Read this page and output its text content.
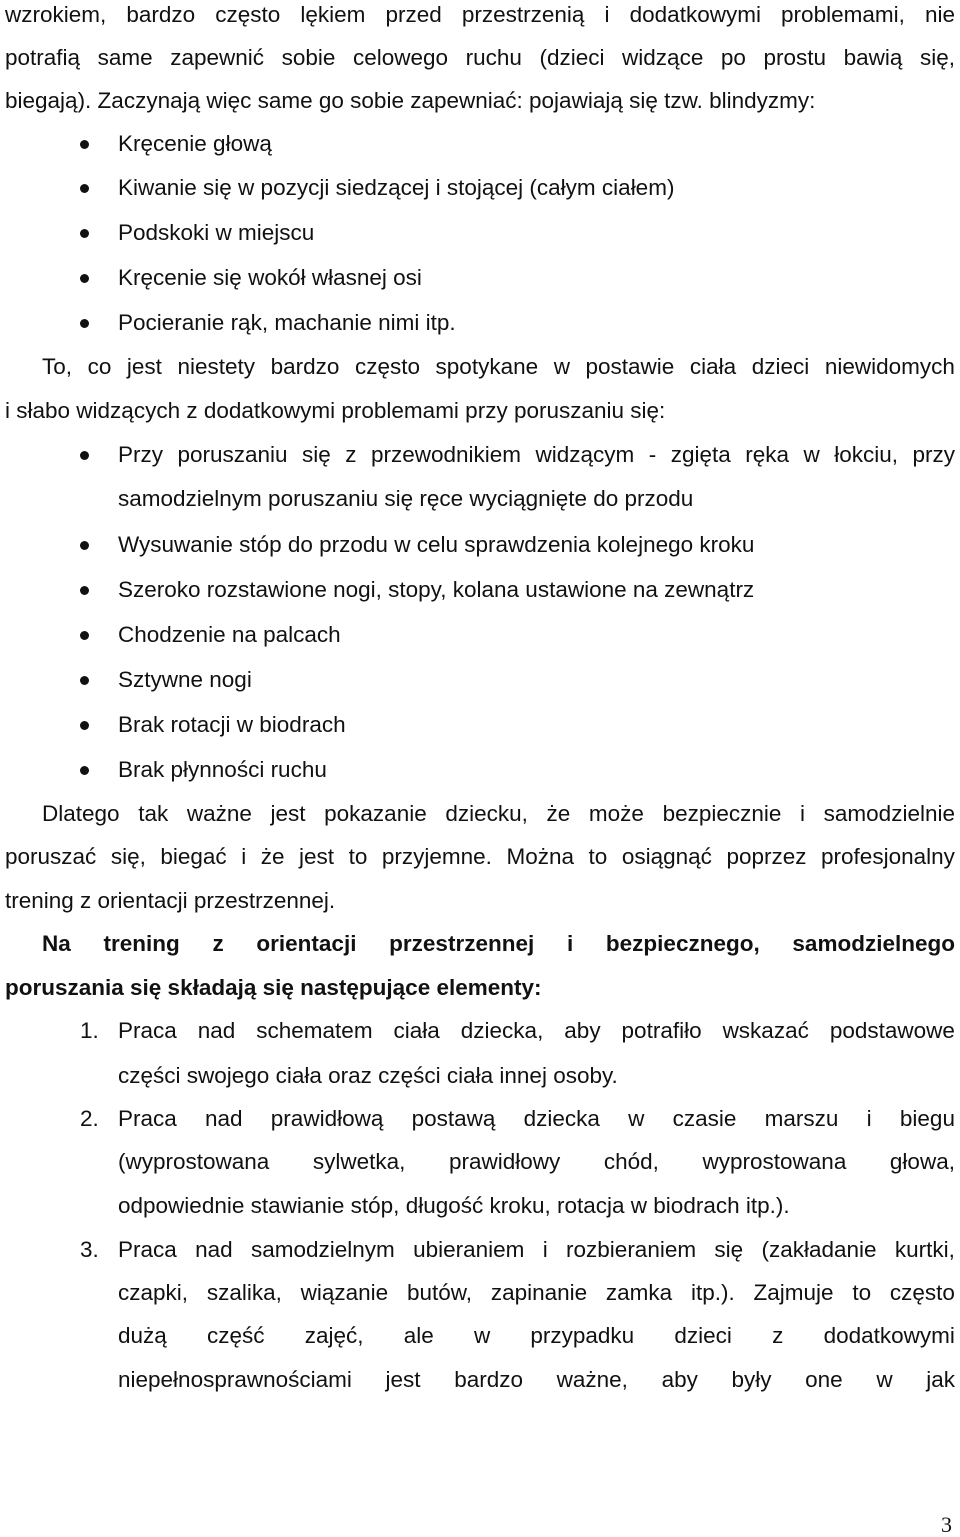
wzrokiem, bardzo często lękiem przed przestrzenią i dodatkowymi problemami, nie
potrafią same zapewnić sobie celowego ruchu (dzieci widzące po prostu bawią się,
biegają). Zaczynają więc same go sobie zapewniać: pojawiają się tzw. blindyzmy:
Kręcenie głową
Kiwanie się w pozycji siedzącej i stojącej (całym ciałem)
Podskoki w miejscu
Kręcenie się wokół własnej osi
Pocieranie rąk, machanie nimi itp.
To, co jest niestety bardzo często spotykane w postawie ciała dzieci niewidomych
i słabo widzących z dodatkowymi problemami przy poruszaniu się:
Przy poruszaniu się z przewodnikiem widzącym - zgięta ręka w łokciu, przy
samodzielnym poruszaniu się ręce wyciągnięte do przodu
Wysuwanie stóp do przodu w celu sprawdzenia kolejnego kroku
Szeroko rozstawione nogi, stopy, kolana ustawione na zewnątrz
Chodzenie na palcach
Sztywne nogi
Brak rotacji w biodrach
Brak płynności ruchu
Dlatego tak ważne jest pokazanie dziecku, że może bezpiecznie i samodzielnie
poruszać się, biegać i że jest to przyjemne. Można to osiągnąć poprzez profesjonalny
trening z orientacji przestrzennej.
Na trening z orientacji przestrzennej i bezpiecznego, samodzielnego
poruszania się składają się następujące elementy:
1. Praca nad schematem ciała dziecka, aby potrafiło wskazać podstawowe
części swojego ciała oraz części ciała innej osoby.
2. Praca nad prawidłową postawą dziecka w czasie marszu i biegu
(wyprostowana sylwetka, prawidłowy chód, wyprostowana głowa,
odpowiednie stawianie stóp, długość kroku, rotacja w biodrach itp.).
3. Praca nad samodzielnym ubieraniem i rozbieraniem się (zakładanie kurtki,
czapki, szalika, wiązanie butów, zapinanie zamka itp.). Zajmuje to często
dużą część zajęć, ale w przypadku dzieci z dodatkowymi
niepełnosprawnościami jest bardzo ważne, aby były one w jak
3
